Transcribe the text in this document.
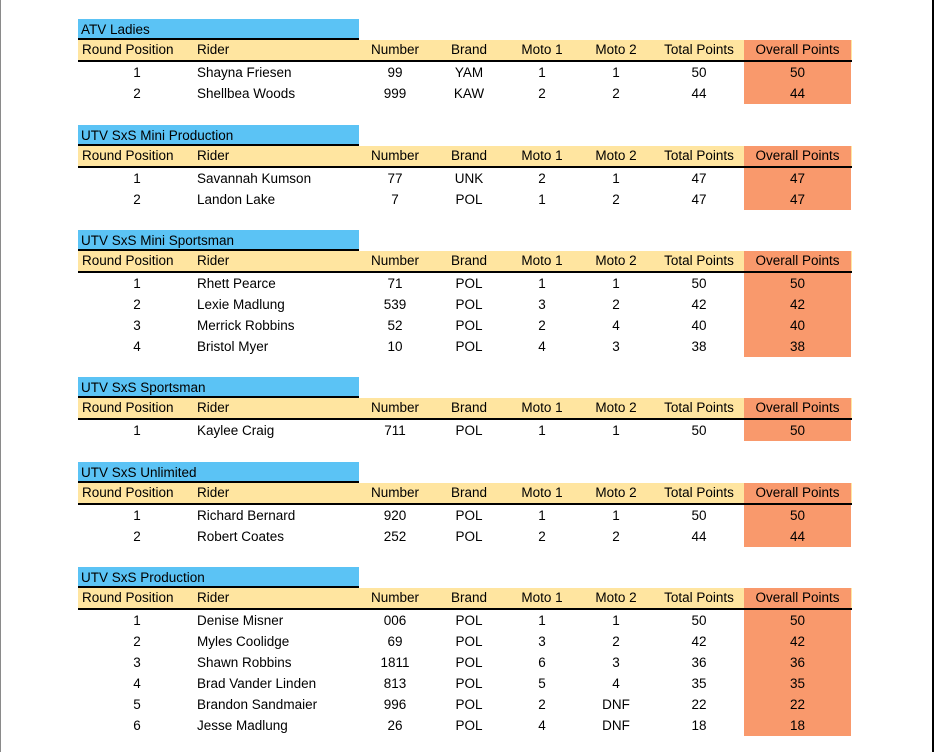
ATV Ladies
Round Position Rider	Number	Brand	Moto 1	Moto 2	Total Points	Overall Points
1	Shayna Friesen	99	YAM	1	1	50	50
2	Shellbea Woods	999	KAW	2	2	44	44
UTV SxS Mini Production
Round Position Rider	Number	Brand	Moto 1	Moto 2	Total Points	Overall Points
1	Savannah Kumson	77	UNK	2	1	47	47
2	Landon Lake	7	POL	1	2	47	47
UTV SxS Mini Sportsman
Round Position Rider	Number	Brand	Moto 1	Moto 2	Total Points	Overall Points
1	Rhett Pearce	71	POL	1	1	50	50
2	Lexie Madlung	539	POL	3	2	42	42
3	Merrick Robbins	52	POL	2	4	40	40
4	Bristol Myer	10	POL	4	3	38	38
UTV SxS Sportsman
Round Position Rider	Number	Brand	Moto 1	Moto 2	Total Points	Overall Points
1	Kaylee Craig	711	POL	1	1	50	50
UTV SxS Unlimited
Round Position Rider	Number	Brand	Moto 1	Moto 2	Total Points	Overall Points
1	Richard Bernard	920	POL	1	1	50	50
2	Robert Coates	252	POL	2	2	44	44
UTV SxS Production
Round Position Rider	Number	Brand	Moto 1	Moto 2	Total Points	Overall Points
1	Denise Misner	006	POL	1	1	50	50
2	Myles Coolidge	69	POL	3	2	42	42
3	Shawn Robbins	1811	POL	6	3	36	36
4	Brad Vander Linden	813	POL	5	4	35	35
5	Brandon Sandmaier	996	POL	2	DNF	22	22
6	Jesse Madlung	26	POL	4	DNF	18	18
